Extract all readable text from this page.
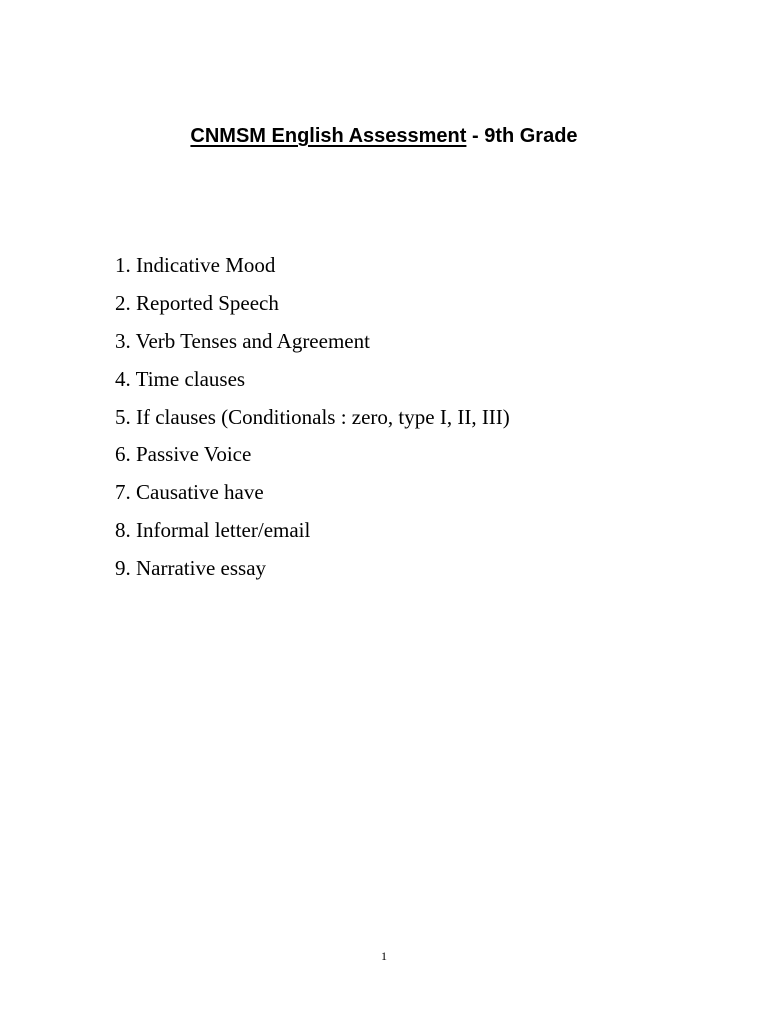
CNMSM English Assessment - 9th Grade
1. Indicative Mood
2. Reported Speech
3. Verb Tenses and Agreement
4. Time clauses
5. If clauses (Conditionals : zero, type I, II, III)
6. Passive Voice
7. Causative have
8. Informal letter/email
9. Narrative essay
1
